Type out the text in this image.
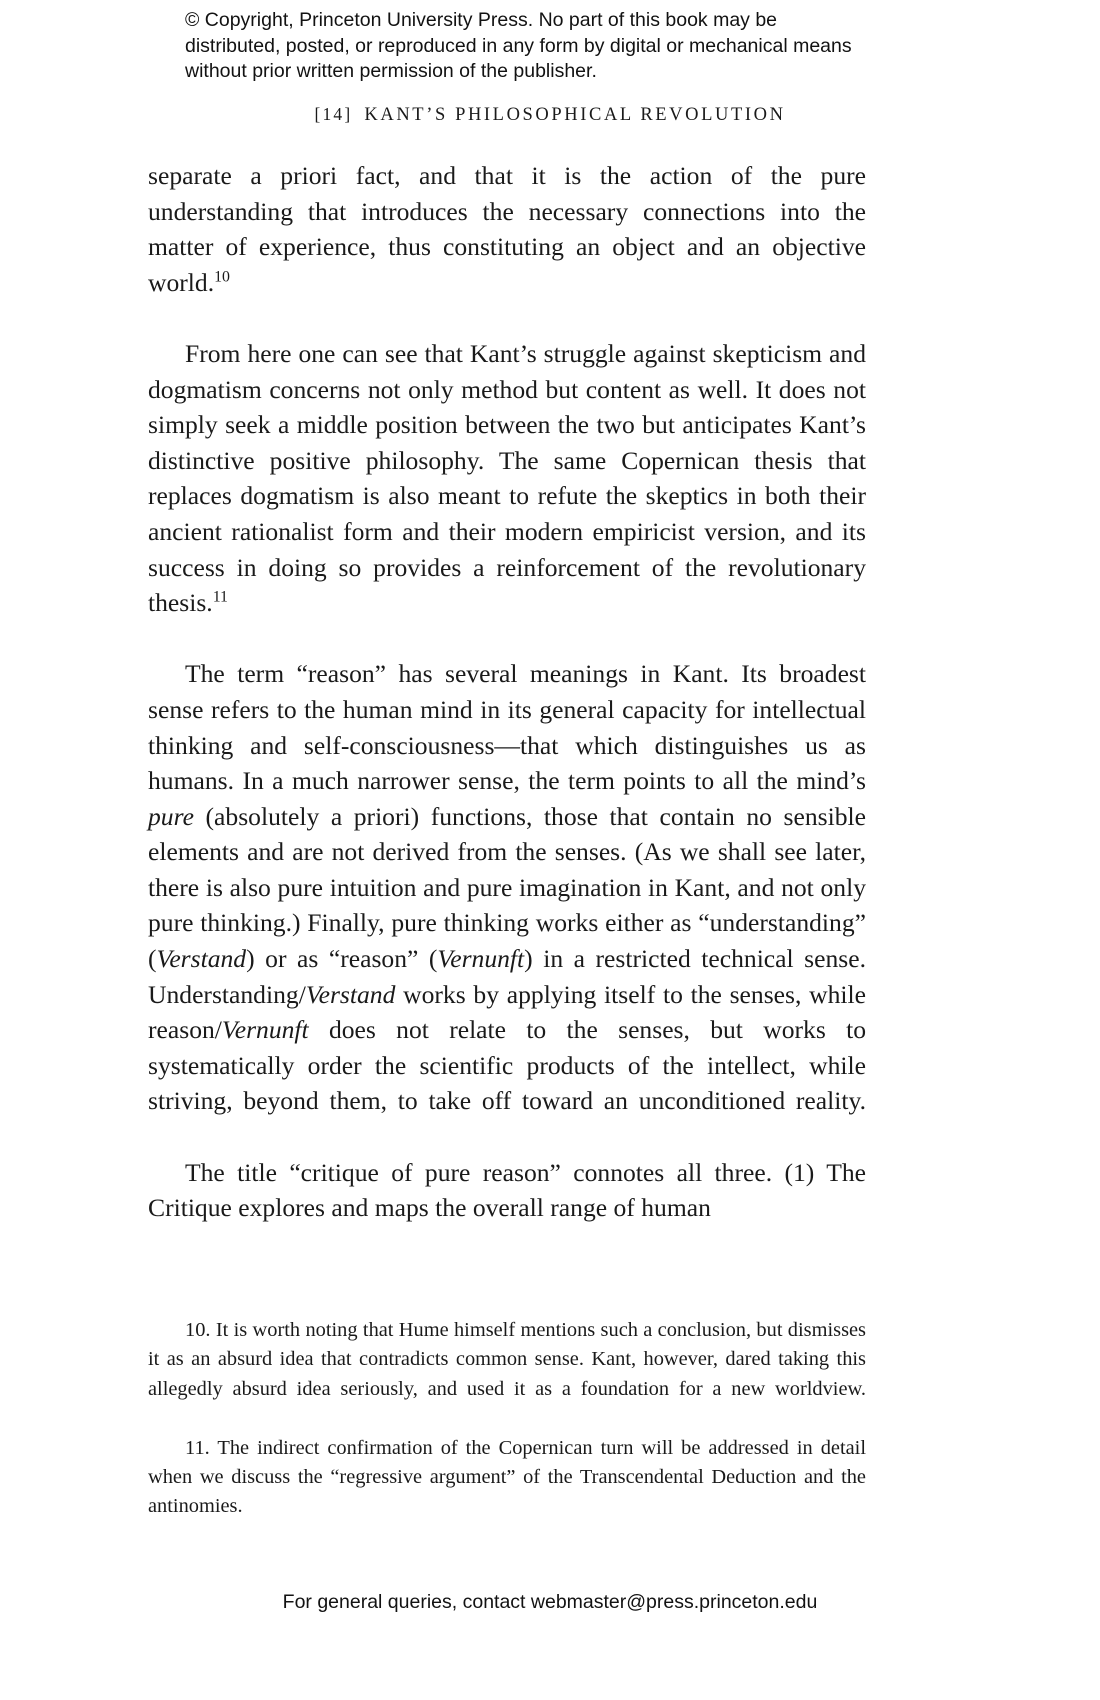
© Copyright, Princeton University Press. No part of this book may be distributed, posted, or reproduced in any form by digital or mechanical means without prior written permission of the publisher.
[14] KANT’S PHILOSOPHICAL REVOLUTION

separate a priori fact, and that it is the action of the pure understanding that introduces the necessary connections into the matter of experience, thus constituting an object and an objective world.$^{10}$

From here one can see that Kant’s struggle against skepticism and dogmatism concerns not only method but content as well. It does not simply seek a middle position between the two but anticipates Kant’s distinctive positive philosophy. The same Copernican thesis that replaces dogmatism is also meant to refute the skeptics in both their ancient rationalist form and their modern empiricist version, and its success in doing so provides a reinforcement of the revolutionary thesis.$^{11}$

The term “reason” has several meanings in Kant. Its broadest sense refers to the human mind in its general capacity for intellectual thinking and self-consciousness—that which distinguishes us as humans. In a much narrower sense, the term points to all the mind’s pure (absolutely a priori) functions, those that contain no sensible elements and are not derived from the senses. (As we shall see later, there is also pure intuition and pure imagination in Kant, and not only pure thinking.) Finally, pure thinking works either as “understanding” (Verstand) or as “reason” (Vernunft) in a restricted technical sense. Understanding/Verstand works by applying itself to the senses, while reason/Vernunft does not relate to the senses, but works to systematically order the scientific products of the intellect, while striving, beyond them, to take off toward an unconditioned reality.

The title “critique of pure reason” connotes all three. (1) The Critique explores and maps the overall range of human

10. It is worth noting that Hume himself mentions such a conclusion, but dismisses it as an absurd idea that contradicts common sense. Kant, however, dared taking this allegedly absurd idea seriously, and used it as a foundation for a new worldview.

11. The indirect confirmation of the Copernican turn will be addressed in detail when we discuss the “regressive argument” of the Transcendental Deduction and the antinomies.

For general queries, contact webmaster@press.princeton.edu
